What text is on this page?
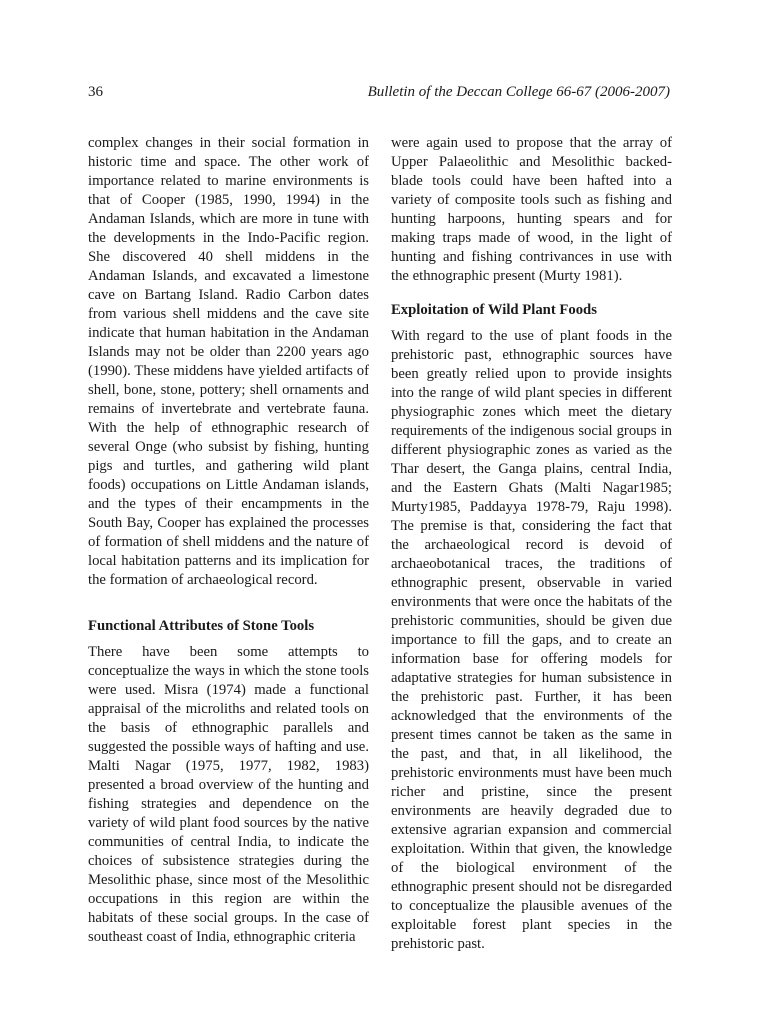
36	Bulletin of the Deccan College 66-67 (2006-2007)

complex changes in their social formation in historic time and space. The other work of importance related to marine environments is that of Cooper (1985, 1990, 1994) in the Andaman Islands, which are more in tune with the developments in the Indo-Pacific region. She discovered 40 shell middens in the Andaman Islands, and excavated a limestone cave on Bartang Island. Radio Carbon dates from various shell middens and the cave site indicate that human habitation in the Andaman Islands may not be older than 2200 years ago (1990). These middens have yielded artifacts of shell, bone, stone, pottery; shell ornaments and remains of invertebrate and vertebrate fauna. With the help of ethnographic research of several Onge (who subsist by fishing, hunting pigs and turtles, and gathering wild plant foods) occupations on Little Andaman islands, and the types of their encampments in the South Bay, Cooper has explained the processes of formation of shell middens and the nature of local habitation patterns and its implication for the formation of archaeological record.

Functional Attributes of Stone Tools

There have been some attempts to conceptualize the ways in which the stone tools were used. Misra (1974) made a functional appraisal of the microliths and related tools on the basis of ethnographic parallels and suggested the possible ways of hafting and use. Malti Nagar (1975, 1977, 1982, 1983) presented a broad overview of the hunting and fishing strategies and dependence on the variety of wild plant food sources by the native communities of central India, to indicate the choices of subsistence strategies during the Mesolithic phase, since most of the Mesolithic occupations in this region are within the habitats of these social groups. In the case of southeast coast of India, ethnographic criteria

were again used to propose that the array of Upper Palaeolithic and Mesolithic backed-blade tools could have been hafted into a variety of composite tools such as fishing and hunting harpoons, hunting spears and for making traps made of wood, in the light of hunting and fishing contrivances in use with the ethnographic present (Murty 1981).

Exploitation of Wild Plant Foods

With regard to the use of plant foods in the prehistoric past, ethnographic sources have been greatly relied upon to provide insights into the range of wild plant species in different physiographic zones which meet the dietary requirements of the indigenous social groups in different physiographic zones as varied as the Thar desert, the Ganga plains, central India, and the Eastern Ghats (Malti Nagar1985; Murty1985, Paddayya 1978-79, Raju 1998). The premise is that, considering the fact that the archaeological record is devoid of archaeobotanical traces, the traditions of ethnographic present, observable in varied environments that were once the habitats of the prehistoric communities, should be given due importance to fill the gaps, and to create an information base for offering models for adaptative strategies for human subsistence in the prehistoric past. Further, it has been acknowledged that the environments of the present times cannot be taken as the same in the past, and that, in all likelihood, the prehistoric environments must have been much richer and pristine, since the present environments are heavily degraded due to extensive agrarian expansion and commercial exploitation. Within that given, the knowledge of the biological environment of the ethnographic present should not be disregarded to conceptualize the plausible avenues of the exploitable forest plant species in the prehistoric past.
